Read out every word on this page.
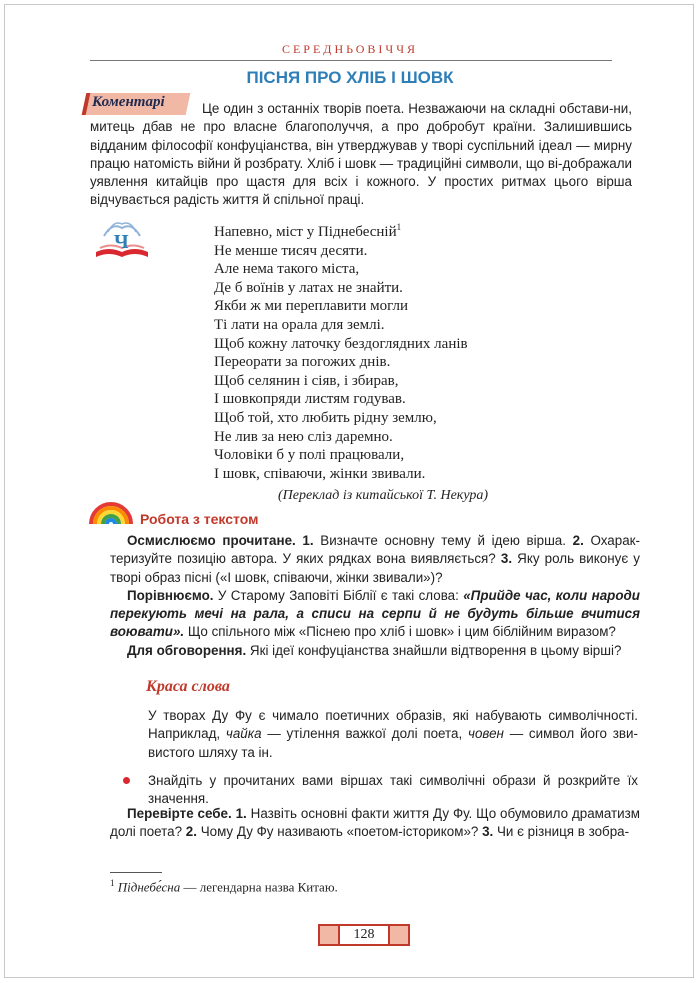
СЕРЕДНЬОВІЧЧЯ
ПІСНЯ ПРО ХЛІБ І ШОВК
Коментарі	Це один з останніх творів поета. Незважаючи на складні обстави-ни, митець дбав не про власне благополуччя, а про добробут країни. Залишившись відданим філософії конфуціанства, він утверджував у творі суспільний ідеал — мирну працю натомість війни й розбрату. Хліб і шовк — традиційні символи, що ві-дображали уявлення китайців про щастя для всіх і кожного. У простих ритмах цього вірша відчувається радість життя й спільної праці.
Ч	Напевно, міст у Піднебесній$^1$
Не менше тисяч десяти.
Але нема такого міста,
Де б воїнів у латах не знайти.
Якби ж ми переплавити могли
Ті лати на орала для землі.
Щоб кожну латочку бездоглядних ланів
Переорати за погожих днів.
Щоб селянин і сіяв, і збирав,
І шовкопряди листям годував.
Щоб той, хто любить рідну землю,
Не лив за нею сліз даремно.
Чоловіки б у полі працювали,
І шовк, співаючи, жінки звивали.
(Переклад із китайської Т. Некура)
Робота з текстом

Осмислюємо прочитане. 1. Визначте основну тему й ідею вірша. 2. Охарак-теризуйте позицію автора. У яких рядках вона виявляється? 3. Яку роль виконує у творі образ пісні («І шовк, співаючи, жінки звивали»)?

Порівнюємо. У Старому Заповіті Біблії є такі слова: «Прийде час, коли народи перекують мечі на рала, а списи на серпи й не будуть більше вчитися воювати». Що спільного між «Піснею про хліб і шовк» і цим біблійним виразом?

Для обговорення. Які ідеї конфуціанства знайшли відтворення в цьому вірші?

Краса слова

У творах Ду Фу є чимало поетичних образів, які набувають символічності. Наприклад, чайка — утілення важкої долі поета, човен — символ його зви-вистого шляху та ін.

Знайдіть у прочитаних вами віршах такі символічні образи й розкрийте їх значення.

Перевірте себе. 1. Назвіть основні факти життя Ду Фу. Що обумовило драматизм долі поета? 2. Чому Ду Фу називають «поетом-істориком»? 3. Чи є різниця в зобра-
$^1$ Піднебе́сна — легендарна назва Китаю.
128
